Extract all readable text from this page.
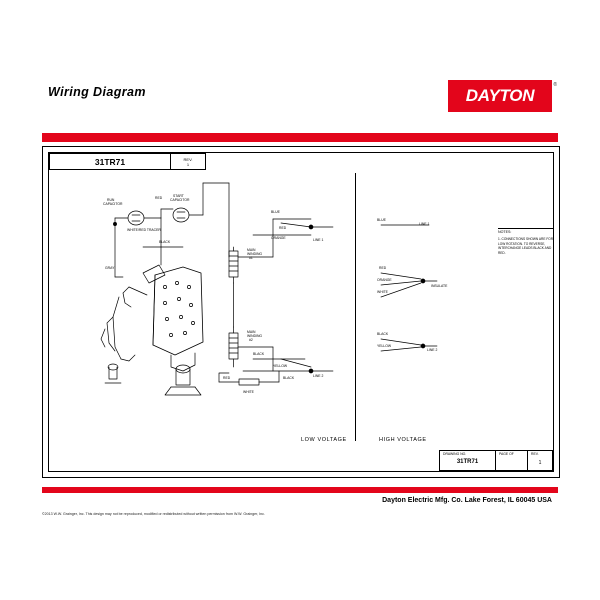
Wiring Diagram	DAYTON
®
31TR71	REV.
1
RUN
CAPACITOR
START
CAPACITOR
WHITE/RED TRACER
RED
BLACK
GRAY
BLUE
RED
ORANGE	LINE 1
MAIN
WINDING
#1
MAIN
WINDING
#2
BLACK
YELLOW
BLACK	LINE 2
RED
WHITE
BLUE
LINE 1
RED
ORANGE
WHITE
INSULATE
BLACK
YELLOW
LINE 2
LOW VOLTAGE	HIGH VOLTAGE
NOTES:
1. CONNECTIONS SHOWN ARE FOR LOW ROTATION. TO REVERSE, INTERCHANGE LEADS BLACK AND RED.
DRAWING NO.
31TR71
PAGE OF	REV.
1
Dayton Electric Mfg. Co. Lake Forest, IL 60045 USA
©2013 W.W. Grainger, Inc. This design may not be reproduced, modified or redistributed without written permission from W.W. Grainger, Inc.
